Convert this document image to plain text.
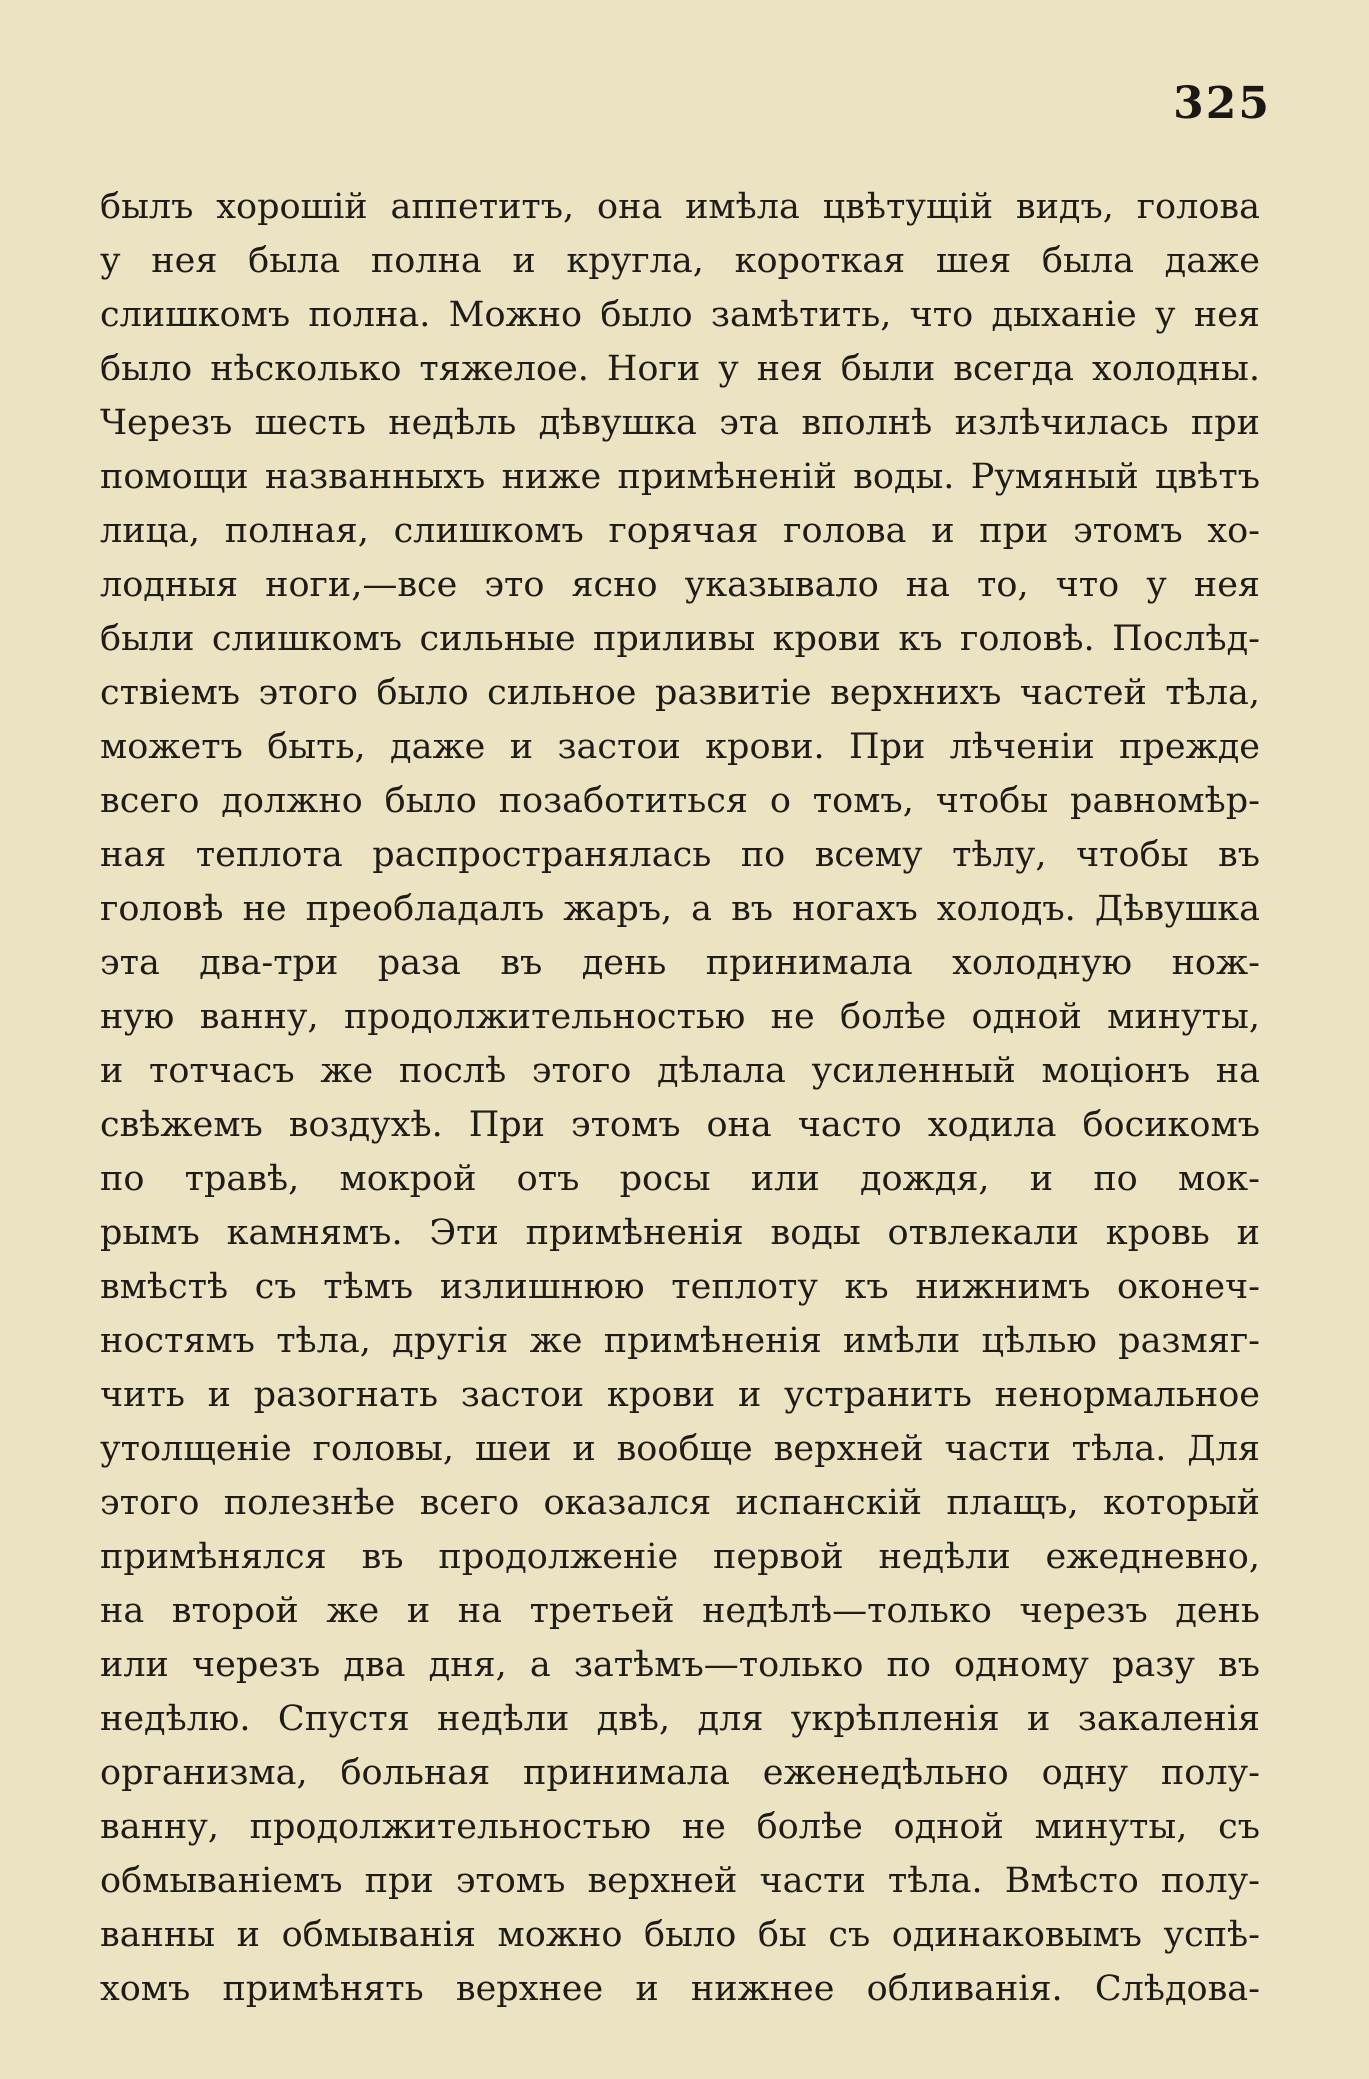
325
былъ хорошій аппетитъ, она имѣла цвѣтущій видъ, голова
у нея была полна и кругла, короткая шея была даже
слишкомъ полна. Можно было замѣтить, что дыханіе у нея
было нѣсколько тяжелое. Ноги у нея были всегда холодны.
Черезъ шесть недѣль дѣвушка эта вполнѣ излѣчилась при
помощи названныхъ ниже примѣненій воды. Румяный цвѣтъ
лица, полная, слишкомъ горячая голова и при этомъ хо-
лодныя ноги,—все это ясно указывало на то, что у нея
были слишкомъ сильные приливы крови къ головѣ. Послѣд-
ствіемъ этого было сильное развитіе верхнихъ частей тѣла,
можетъ быть, даже и застои крови. При лѣченіи прежде
всего должно было позаботиться о томъ, чтобы равномѣр-
ная теплота распространялась по всему тѣлу, чтобы въ
головѣ не преобладалъ жаръ, а въ ногахъ холодъ. Дѣвушка
эта два-три раза въ день принимала холодную нож-
ную ванну, продолжительностью не болѣе одной минуты,
и тотчасъ же послѣ этого дѣлала усиленный моціонъ на
свѣжемъ воздухѣ. При этомъ она часто ходила босикомъ
по травѣ, мокрой отъ росы или дождя, и по мок-
рымъ камнямъ. Эти примѣненія воды отвлекали кровь и
вмѣстѣ съ тѣмъ излишнюю теплоту къ нижнимъ оконеч-
ностямъ тѣла, другія же примѣненія имѣли цѣлью размяг-
чить и разогнать застои крови и устранить ненормальное
утолщеніе головы, шеи и вообще верхней части тѣла. Для
этого полезнѣе всего оказался испанскій плащъ, который
примѣнялся въ продолженіе первой недѣли ежедневно,
на второй же и на третьей недѣлѣ—только черезъ день
или черезъ два дня, а затѣмъ—только по одному разу въ
недѣлю. Спустя недѣли двѣ, для укрѣпленія и закаленія
организма, больная принимала еженедѣльно одну полу-
ванну, продолжительностью не болѣе одной минуты, съ
обмываніемъ при этомъ верхней части тѣла. Вмѣсто полу-
ванны и обмыванія можно было бы съ одинаковымъ успѣ-
хомъ примѣнять верхнее и нижнее обливанія. Слѣдова-
